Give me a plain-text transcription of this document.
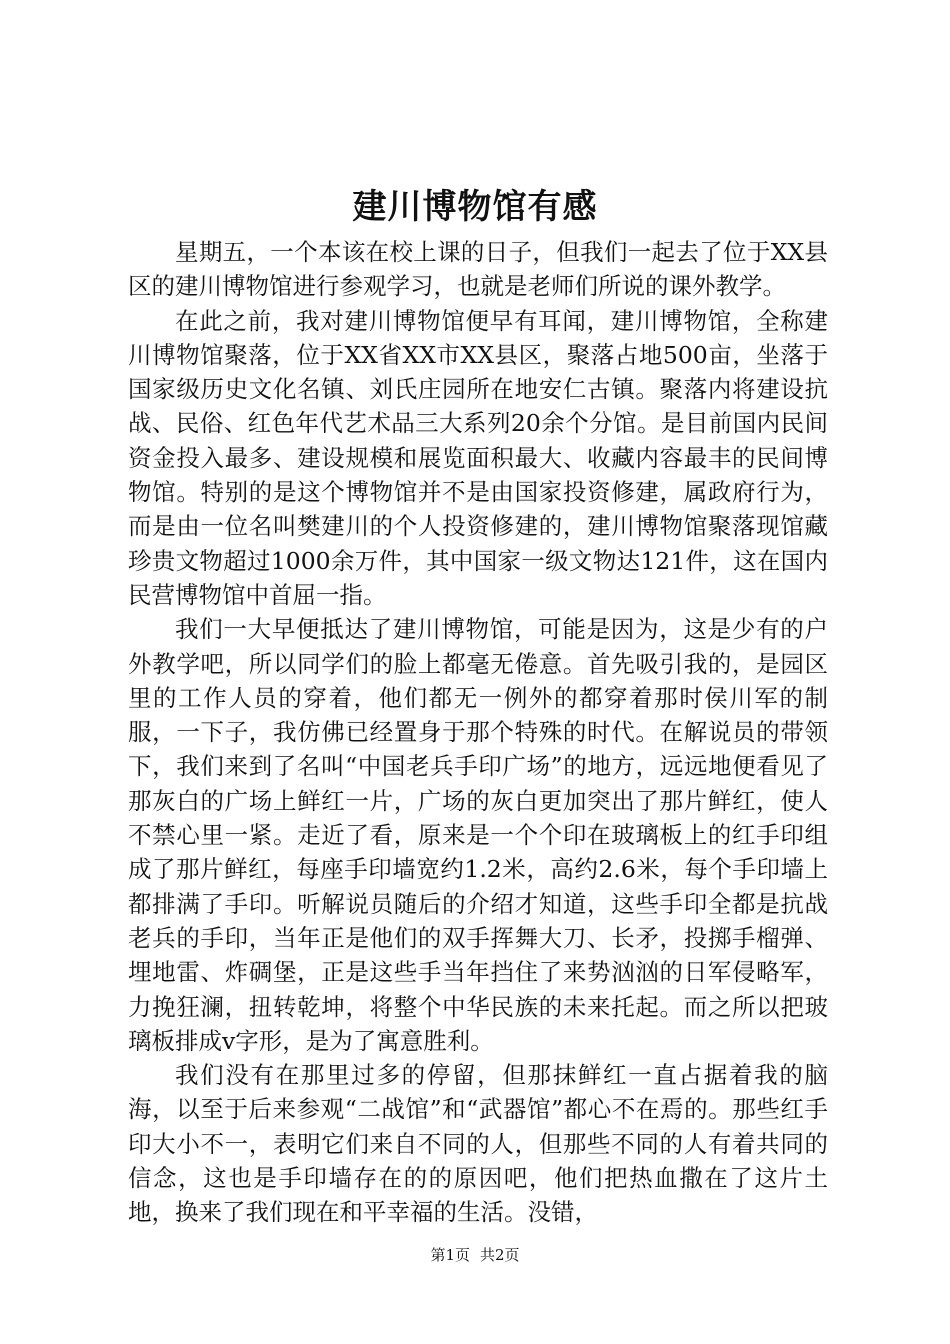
建川博物馆有感

星期五，一个本该在校上课的日子，但我们一起去了位于XX县区的建川博物馆进行参观学习，也就是老师们所说的课外教学。

在此之前，我对建川博物馆便早有耳闻，建川博物馆，全称建川博物馆聚落，位于XX省XX市XX县区，聚落占地500亩，坐落于国家级历史文化名镇、刘氏庄园所在地安仁古镇。聚落内将建设抗战、民俗、红色年代艺术品三大系列20余个分馆。是目前国内民间资金投入最多、建设规模和展览面积最大、收藏内容最丰的民间博物馆。特别的是这个博物馆并不是由国家投资修建，属政府行为，而是由一位名叫樊建川的个人投资修建的，建川博物馆聚落现馆藏珍贵文物超过1000余万件，其中国家一级文物达121件，这在国内民营博物馆中首屈一指。

我们一大早便抵达了建川博物馆，可能是因为，这是少有的户外教学吧，所以同学们的脸上都毫无倦意。首先吸引我的，是园区里的工作人员的穿着，他们都无一例外的都穿着那时侯川军的制服，一下子，我仿佛已经置身于那个特殊的时代。在解说员的带领下，我们来到了名叫“中国老兵手印广场”的地方，远远地便看见了那灰白的广场上鲜红一片，广场的灰白更加突出了那片鲜红，使人不禁心里一紧。走近了看，原来是一个个印在玻璃板上的红手印组成了那片鲜红，每座手印墙宽约1.2米，高约2.6米，每个手印墙上都排满了手印。听解说员随后的介绍才知道，这些手印全都是抗战老兵的手印，当年正是他们的双手挥舞大刀、长矛，投掷手榴弹、埋地雷、炸碉堡，正是这些手当年挡住了来势汹汹的日军侵略军，力挽狂澜，扭转乾坤，将整个中华民族的未来托起。而之所以把玻璃板排成v字形，是为了寓意胜利。

我们没有在那里过多的停留，但那抹鲜红一直占据着我的脑海，以至于后来参观“二战馆”和“武器馆”都心不在焉的。那些红手印大小不一，表明它们来自不同的人，但那些不同的人有着共同的信念，这也是手印墙存在的的原因吧，他们把热血撒在了这片土地，换来了我们现在和平幸福的生活。没错，

第1页 共2页
